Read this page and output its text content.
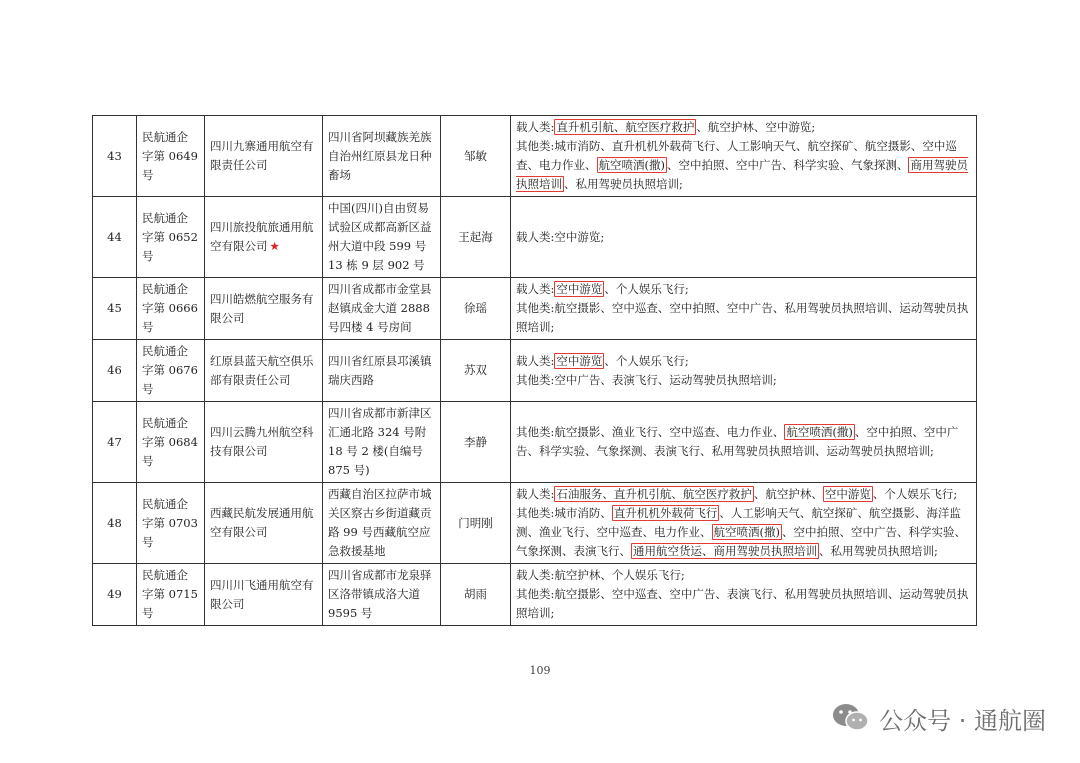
43	民航通企字第 0649 号	四川九寨通用航空有限责任公司	四川省阿坝藏族羌族自治州红原县龙日种畜场	邹敏	载人类: 直升机引航、航空医疗救护 、航空护林、空中游览;
其他类:城市消防、直升机机外载荷飞行、人工影响天气、航空探矿、航空摄影、空中巡查、电力作业、 航空喷洒(撒) 、空中拍照、空中广告、科学实验、气象探测、 商用驾驶员执照培训 、私用驾驶员执照培训;

44	民航通企字第 0652 号	四川旅投航旅通用航空有限公司 ★	中国(四川)自由贸易试验区成都高新区益州大道中段 599 号 13 栋 9 层 902 号	王起海	载人类:空中游览;

45	民航通企字第 0666 号	四川皓燃航空服务有限公司	四川省成都市金堂县赵镇成金大道 2888 号四楼 4 号房间	徐瑶	载人类: 空中游览 、个人娱乐飞行;
其他类:航空摄影、空中巡查、空中拍照、空中广告、私用驾驶员执照培训、运动驾驶员执照培训;

46	民航通企字第 0676 号	红原县蓝天航空俱乐部有限责任公司	四川省红原县邛溪镇瑞庆西路	苏双	载人类: 空中游览 、个人娱乐飞行;
其他类:空中广告、表演飞行、运动驾驶员执照培训;

47	民航通企字第 0684 号	四川云腾九州航空科技有限公司	四川省成都市新津区汇通北路 324 号附 18 号 2 楼(自编号 875 号)	李静	其他类:航空摄影、渔业飞行、空中巡查、电力作业、 航空喷洒(撒) 、空中拍照、空中广告、科学实验、气象探测、表演飞行、私用驾驶员执照培训、运动驾驶员执照培训;

48	民航通企字第 0703 号	西藏民航发展通用航空有限公司	西藏自治区拉萨市城关区察古乡街道藏贡路 99 号西藏航空应急救援基地	门明刚	载人类: 石油服务、直升机引航、航空医疗救护 、航空护林、 空中游览 、个人娱乐飞行;
其他类:城市消防、 直升机机外载荷飞行 、人工影响天气、航空探矿、航空摄影、海洋监测、渔业飞行、空中巡查、电力作业、 航空喷洒(撒) 、空中拍照、空中广告、科学实验、气象探测、表演飞行、 通用航空货运、商用驾驶员执照培训 、私用驾驶员执照培训;

49	民航通企字第 0715 号	四川川飞通用航空有限公司	四川省成都市龙泉驿区洛带镇成洛大道 9595 号	胡雨	载人类:航空护林、个人娱乐飞行;
其他类:航空摄影、空中巡查、空中广告、表演飞行、私用驾驶员执照培训、运动驾驶员执照培训;
109
公众号 · 通航圈
